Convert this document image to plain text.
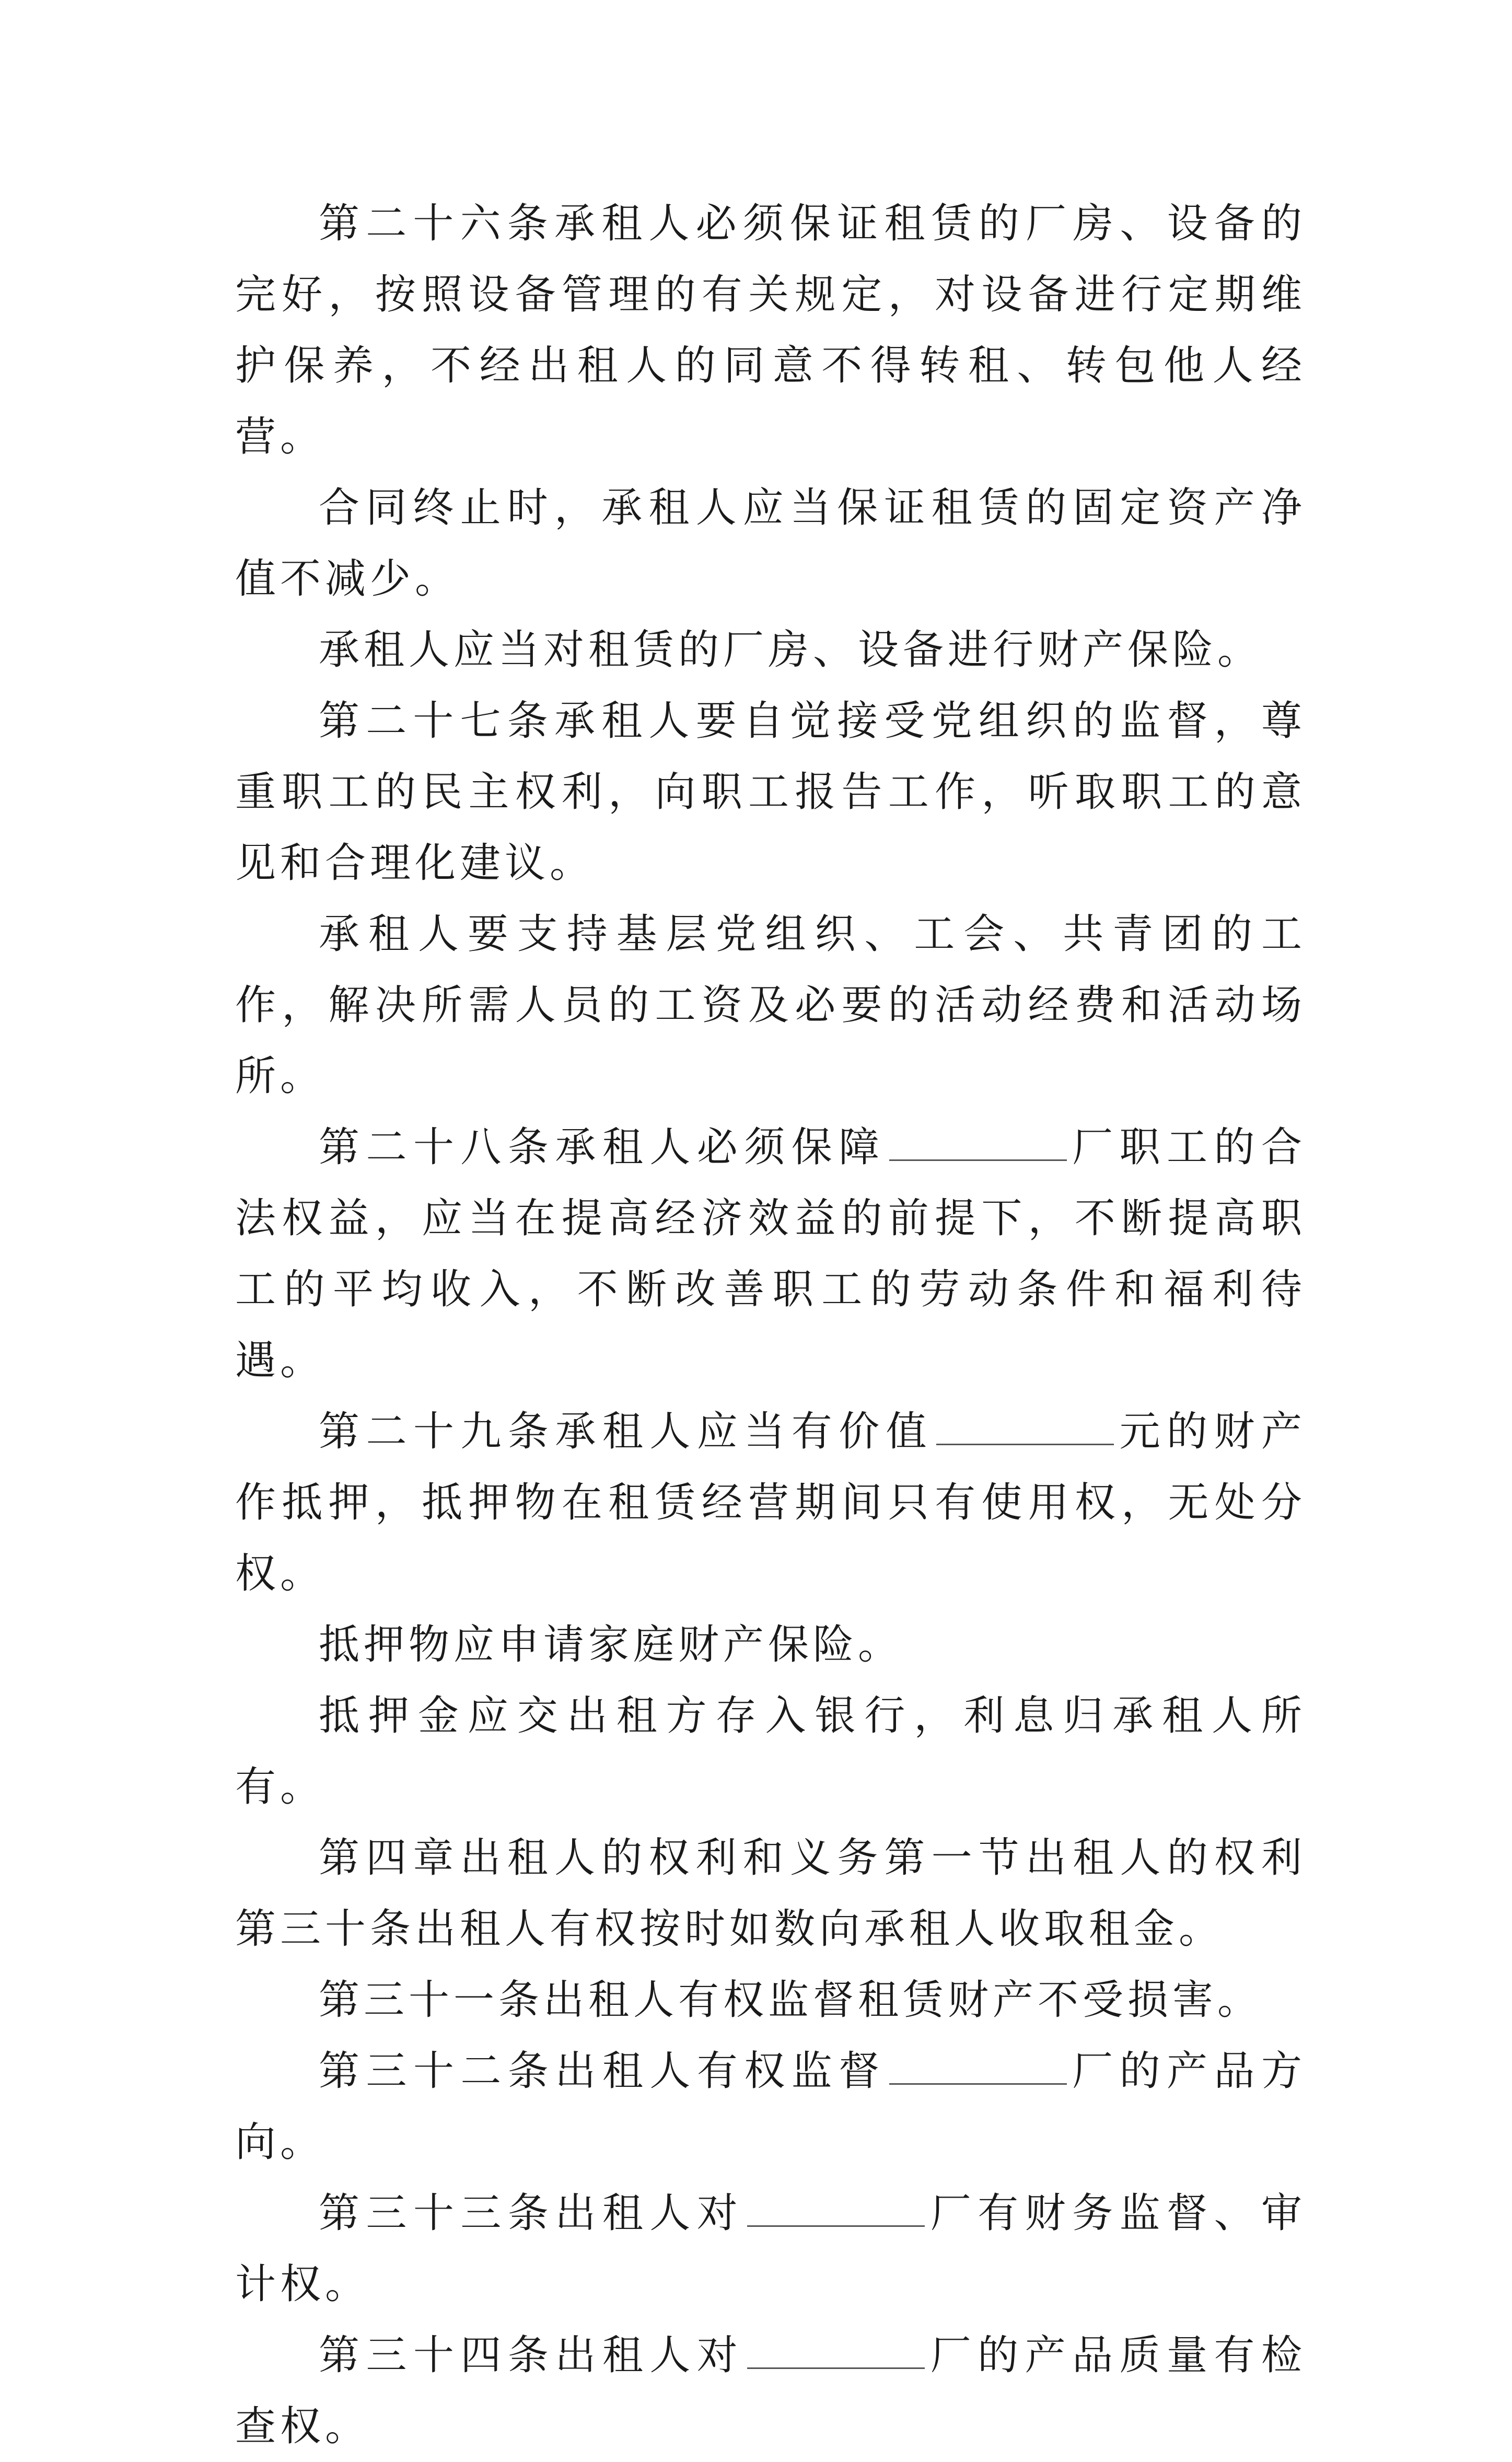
第二十六条承租人必须保证租赁的厂房、设备的完好，按照设备管理的有关规定，对设备进行定期维护保养，不经出租人的同意不得转租、转包他人经营。

合同终止时，承租人应当保证租赁的固定资产净值不减少。

承租人应当对租赁的厂房、设备进行财产保险。

第二十七条承租人要自觉接受党组织的监督，尊重职工的民主权利，向职工报告工作，听取职工的意见和合理化建议。

承租人要支持基层党组织、工会、共青团的工作，解决所需人员的工资及必要的活动经费和活动场所。

第二十八条承租人必须保障	厂职工的合法权益，应当在提高经济效益的前提下，不断提高职工的平均收入，不断改善职工的劳动条件和福利待遇。

第二十九条承租人应当有价值	元的财产作抵押，抵押物在租赁经营期间只有使用权，无处分权。

抵押物应申请家庭财产保险。

抵押金应交出租方存入银行，利息归承租人所有。

第四章出租人的权利和义务第一节出租人的权利第三十条出租人有权按时如数向承租人收取租金。

第三十一条出租人有权监督租赁财产不受损害。

第三十二条出租人有权监督	厂的产品方向。

第三十三条出租人对	厂有财务监督、审计权。

第三十四条出租人对	厂的产品质量有检查权。
